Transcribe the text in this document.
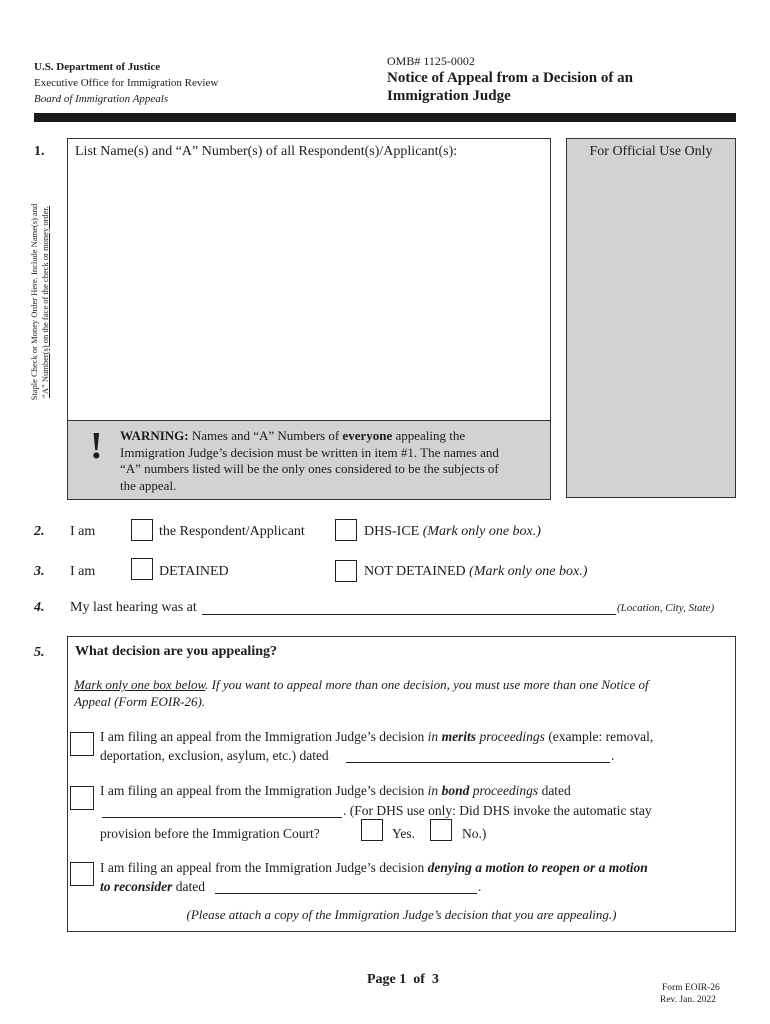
U.S. Department of Justice
Executive Office for Immigration Review
Board of Immigration Appeals
OMB# 1125-0002
Notice of Appeal from a Decision of an
Immigration Judge
Staple Check or Money Order Here. Include Name(s) and “A” Number(s) on the face of the check or money order.
1. List Name(s) and “A” Number(s) of all Respondent(s)/Applicant(s):
! WARNING: Names and “A” Numbers of everyone appealing the
Immigration Judge’s decision must be written in item #1. The names and
“A” numbers listed will be the only ones considered to be the subjects of
the appeal.
For Official Use Only
2. I am	the Respondent/Applicant	DHS-ICE (Mark only one box.)
3. I am	DETAINED	NOT DETAINED (Mark only one box.)
4. My last hearing was at	(Location, City, State)
5. What decision are you appealing?
Mark only one box below. If you want to appeal more than one decision, you must use more than one Notice of
Appeal (Form EOIR-26).
I am filing an appeal from the Immigration Judge’s decision in merits proceedings (example: removal,
deportation, exclusion, asylum, etc.) dated	.
I am filing an appeal from the Immigration Judge’s decision in bond proceedings dated
. (For DHS use only: Did DHS invoke the automatic stay
provision before the Immigration Court?	Yes.	No.)
I am filing an appeal from the Immigration Judge’s decision denying a motion to reopen or a motion
to reconsider dated	.
(Please attach a copy of the Immigration Judge’s decision that you are appealing.)
Page 1  of  3
Form EOIR-26
Rev. Jan. 2022
